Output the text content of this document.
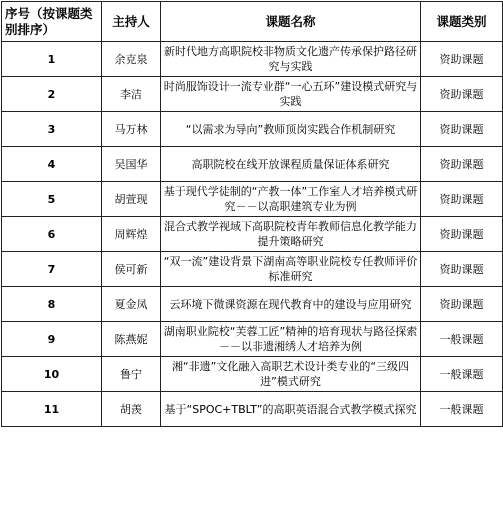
序号（按课题类别排序）	主持人	课题名称	课题类别
1	余克泉	新时代地方高职院校非物质文化遗产传承保护路径研究与实践	资助课题
2	李洁	时尚服饰设计一流专业群“一心五环”建设模式研究与实践	资助课题
3	马万林	“以需求为导向”教师顶岗实践合作机制研究	资助课题
4	吴国华	高职院校在线开放课程质量保证体系研究	资助课题
5	胡萱现	基于现代学徒制的“产教一体”工作室人才培养模式研究－－以高职建筑专业为例	资助课题
6	周辉煌	混合式教学视域下高职院校青年教师信息化教学能力提升策略研究	资助课题
7	侯可新	“双一流”建设背景下湖南高等职业院校专任教师评价标准研究	资助课题
8	夏金凤	云环境下微课资源在现代教育中的建设与应用研究	资助课题
9	陈燕妮	湖南职业院校“芙蓉工匠”精神的培育现状与路径探索－－以非遗湘绣人才培养为例	一般课题
10	鲁宁	湘“非遗”文化融入高职艺术设计类专业的“三级四进”模式研究	一般课题
11	胡羡	基于“SPOC+TBLT”的高职英语混合式教学模式探究	一般课题
